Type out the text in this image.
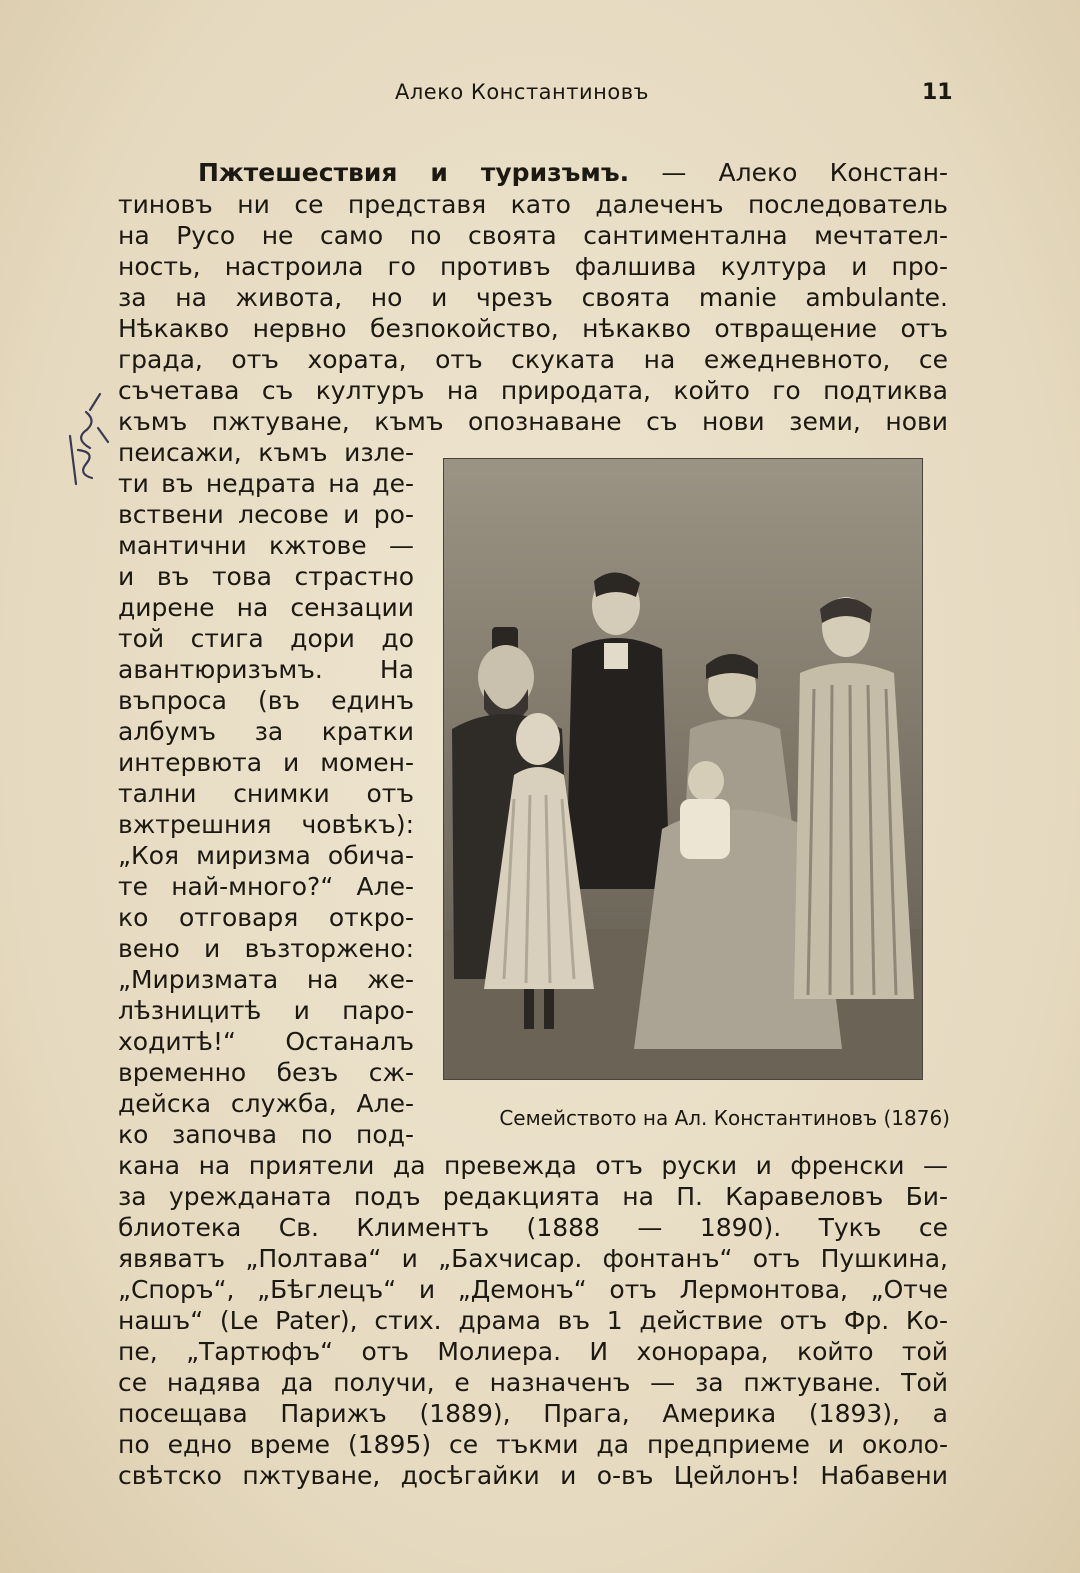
Алеко Константиновъ	11
Пжтешествия и туризъмъ. — Алеко Констан-
тиновъ ни се представя като далеченъ последователь
на Русо не само по своята сантиментална мечтател-
ность, настроила го противъ фалшива култура и про-
за на живота, но и чрезъ своята manie ambulante.
Нѣкакво нервно безпокойство, нѣкакво отвращение отъ
града, отъ хората, отъ скуката на ежедневното, се
съчетава съ културъ на природата, който го подтиква
къмъ пжтуване, къмъ опознаване съ нови земи, нови
пеисажи, къмъ изле-
ти въ недрата на де-
вствени лесове и ро-
мантични кжтове —
и въ това страстно
дирене на сензации
той стига дори до
авантюризъмъ. На
въпроса (въ единъ
албумъ за кратки
интервюта и момен-
тални снимки отъ
вжтрешния човѣкъ):
„Коя миризма обича-
те най-много?“ Але-
ко отговаря откро-
вено и възторжено:
„Миризмата на же-
лѣзницитѣ и паро-
ходитѣ!“ Останалъ
временно безъ сж-
дейска служба, Але-
ко започва по под-
Семейството на Ал. Константиновъ (1876)
кана на приятели да превежда отъ руски и френски —
за урежданата подъ редакцията на П. Каравеловъ Би-
блиотека Св. Климентъ (1888 — 1890). Тукъ се
явяватъ „Полтава“ и „Бахчисар. фонтанъ“ отъ Пушкина,
„Споръ“, „Бѣглецъ“ и „Демонъ“ отъ Лермонтова, „Отче
нашъ“ (Le Pater), стих. драма въ 1 действие отъ Фр. Ко-
пе, „Тартюфъ“ отъ Молиера. И хонорара, който той
се надява да получи, е назначенъ — за пжтуване. Той
посещава Парижъ (1889), Прага, Америка (1893), а
по едно време (1895) се тъкми да предприеме и около-
свѣтско пжтуване, досѣгайки и о-въ Цейлонъ! Набавени
